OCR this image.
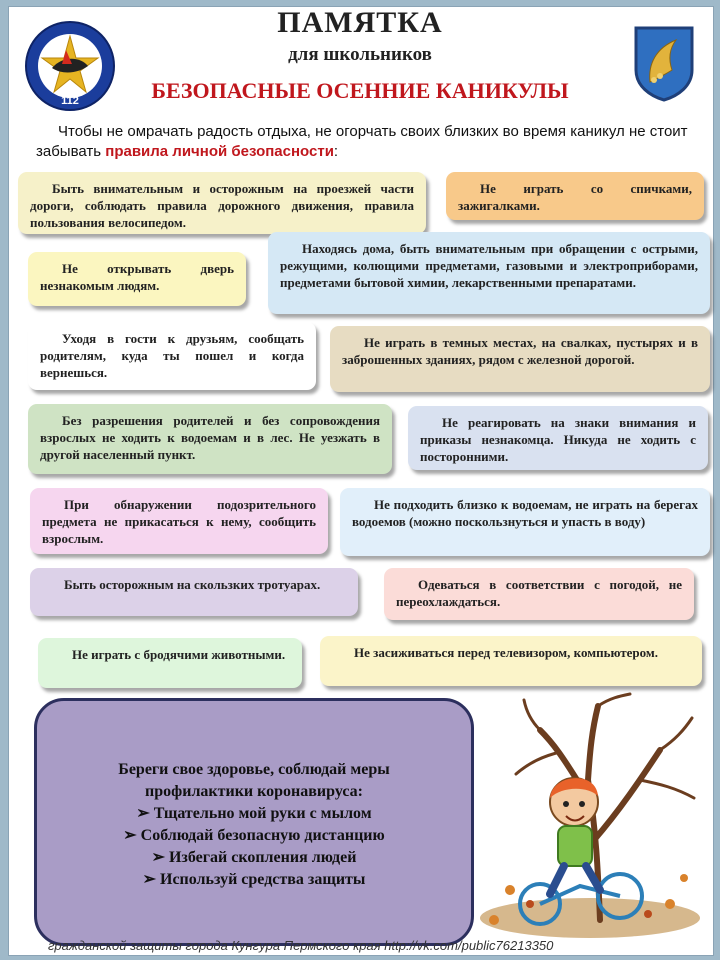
112
ПАМЯТКА
для школьников
БЕЗОПАСНЫЕ ОСЕННИЕ КАНИКУЛЫ
Чтобы не омрачать радость отдыха, не огорчать своих близких во время каникул не стоит забывать правила личной безопасности:
Быть внимательным и осторожным на проезжей части дороги, соблюдать правила дорожного движения, правила пользования велосипедом.
Не играть со спичками, зажигалками.
Не открывать дверь незнакомым людям.
Находясь дома, быть внимательным при обращении с острыми, режущими, колющими предметами, газовыми и электроприборами, предметами бытовой химии, лекарственными препаратами.
Уходя в гости к друзьям, сообщать родителям, куда ты пошел и когда вернешься.
Не играть в темных местах, на свалках, пустырях и в заброшенных зданиях, рядом с железной дорогой.
Без разрешения родителей и без сопровождения взрослых не ходить к водоемам и в лес. Не уезжать в другой населенный пункт.
Не реагировать на знаки внимания и приказы незнакомца. Никуда не ходить с посторонними.
При обнаружении подозрительного предмета не прикасаться к нему, сообщить взрослым.
Не подходить близко к водоемам, не играть на берегах водоемов (можно поскользнуться и упасть в воду)
Быть осторожным на скользких тротуарах.	Одеваться в соответствии с погодой, не переохлаждаться.
Не играть с бродячими животными.	Не засиживаться перед телевизором, компьютером.
Береги свое здоровье, соблюдай меры
профилактики коронавируса:
➢ Тщательно мой руки с мылом
➢ Соблюдай безопасную дистанцию
➢ Избегай скопления людей
➢ Используй средства защиты
гражданской защиты города Кунгура Пермского края http://vk.com/public76213350
